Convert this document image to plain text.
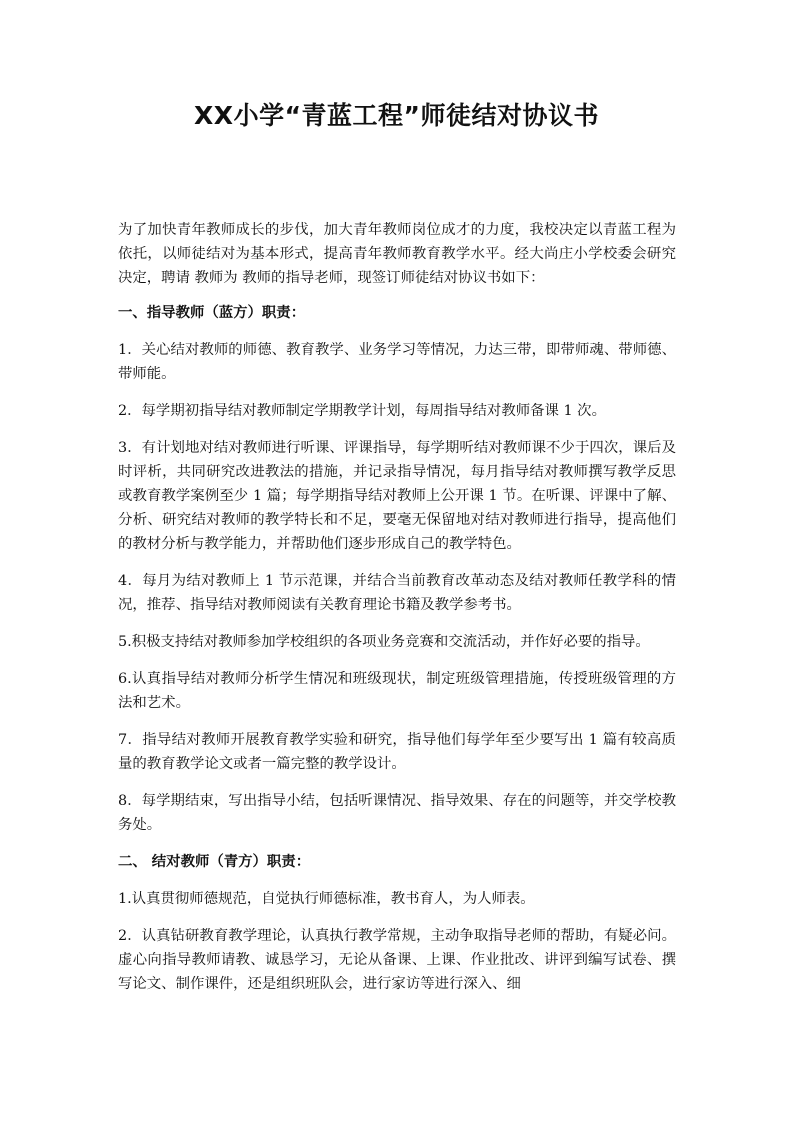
XX小学“青蓝工程”师徒结对协议书

为了加快青年教师成长的步伐，加大青年教师岗位成才的力度，我校决定以青蓝工程为依托，以师徒结对为基本形式，提高青年教师教育教学水平。经大尚庄小学校委会研究决定，聘请 教师为 教师的指导老师，现签订师徒结对协议书如下：

一、指导教师（蓝方）职责：

1．关心结对教师的师德、教育教学、业务学习等情况，力达三带，即带师魂、带师德、带师能。

2．每学期初指导结对教师制定学期教学计划，每周指导结对教师备课 1 次。

3．有计划地对结对教师进行听课、评课指导，每学期听结对教师课不少于四次，课后及时评析，共同研究改进教法的措施，并记录指导情况，每月指导结对教师撰写教学反思或教育教学案例至少 1 篇；每学期指导结对教师上公开课 1 节。在听课、评课中了解、分析、研究结对教师的教学特长和不足，要毫无保留地对结对教师进行指导，提高他们的教材分析与教学能力，并帮助他们逐步形成自己的教学特色。

4．每月为结对教师上 1 节示范课，并结合当前教育改革动态及结对教师任教学科的情况，推荐、指导结对教师阅读有关教育理论书籍及教学参考书。

5.积极支持结对教师参加学校组织的各项业务竞赛和交流活动，并作好必要的指导。

6.认真指导结对教师分析学生情况和班级现状，制定班级管理措施，传授班级管理的方法和艺术。

7．指导结对教师开展教育教学实验和研究，指导他们每学年至少要写出 1 篇有较高质量的教育教学论文或者一篇完整的教学设计。

8．每学期结束，写出指导小结，包括听课情况、指导效果、存在的问题等，并交学校教务处。

二、 结对教师（青方）职责：

1.认真贯彻师德规范，自觉执行师德标准，教书育人，为人师表。

2．认真钻研教育教学理论，认真执行教学常规，主动争取指导老师的帮助，有疑必问。虚心向指导教师请教、诚恳学习，无论从备课、上课、作业批改、讲评到编写试卷、撰写论文、制作课件，还是组织班队会，进行家访等进行深入、细
